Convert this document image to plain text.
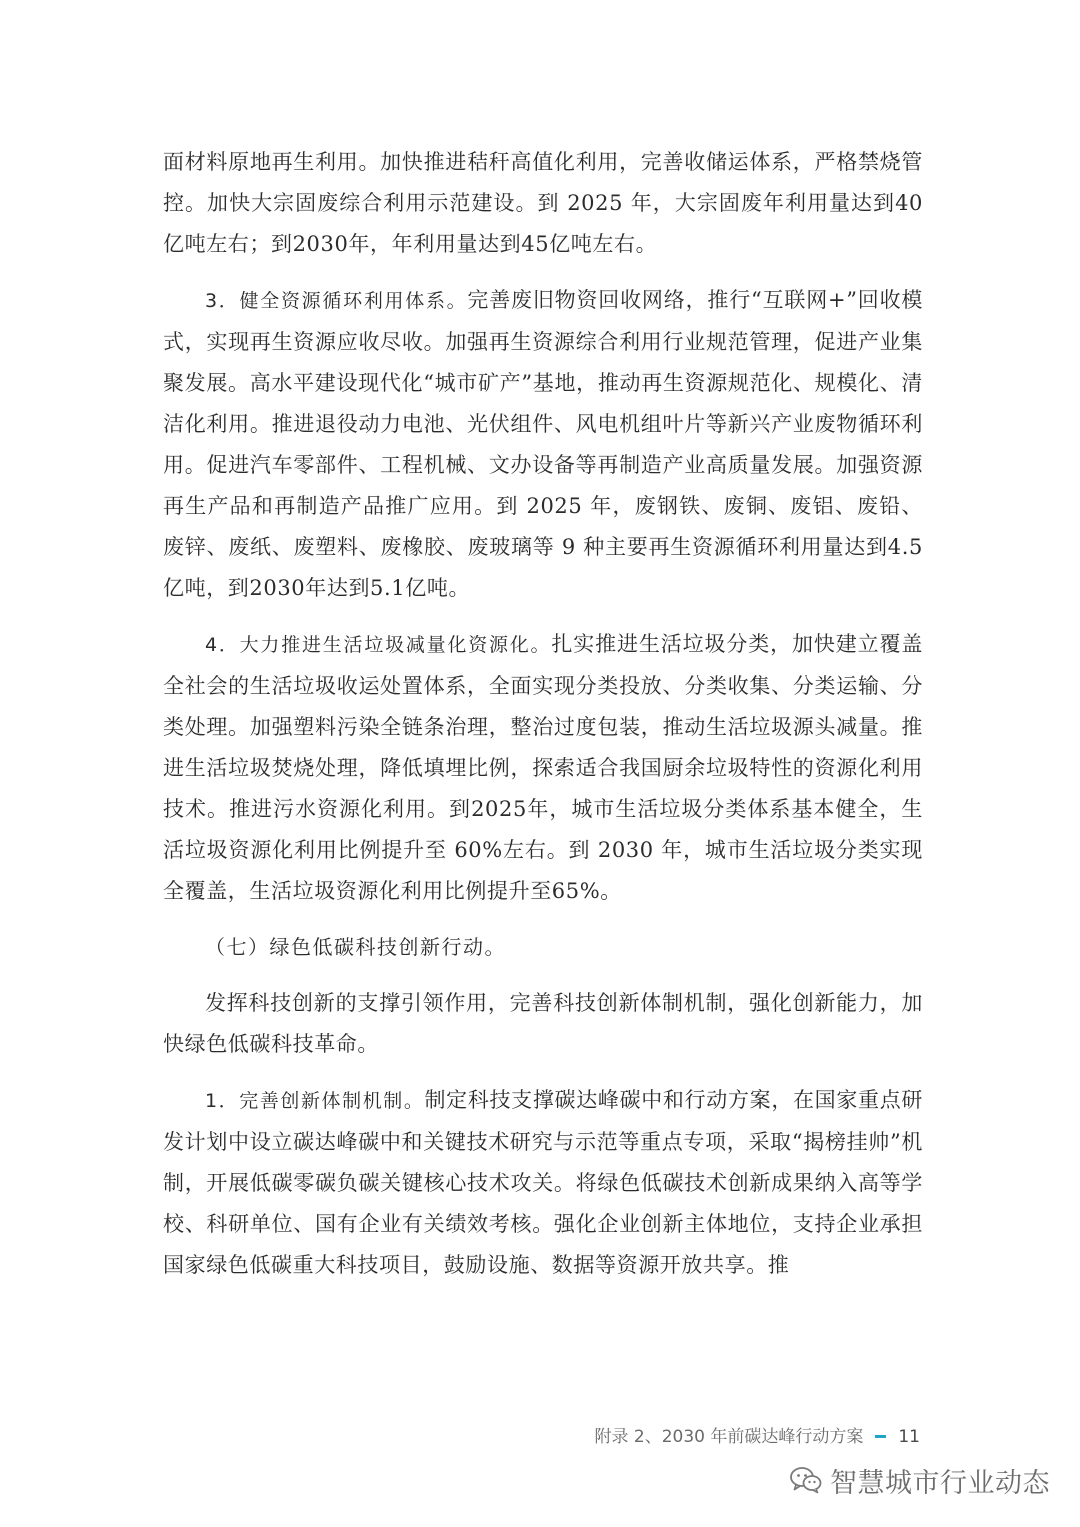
面材料原地再生利用。加快推进秸秆高值化利用，完善收储运体系，严格禁烧管控。加快大宗固废综合利用示范建设。到 2025 年，大宗固废年利用量达到40亿吨左右；到2030年，年利用量达到45亿吨左右。

3．健全资源循环利用体系。完善废旧物资回收网络，推行“互联网+”回收模式，实现再生资源应收尽收。加强再生资源综合利用行业规范管理，促进产业集聚发展。高水平建设现代化“城市矿产”基地，推动再生资源规范化、规模化、清洁化利用。推进退役动力电池、光伏组件、风电机组叶片等新兴产业废物循环利用。促进汽车零部件、工程机械、文办设备等再制造产业高质量发展。加强资源再生产品和再制造产品推广应用。到 2025 年，废钢铁、废铜、废铝、废铅、废锌、废纸、废塑料、废橡胶、废玻璃等 9 种主要再生资源循环利用量达到4.5亿吨，到2030年达到5.1亿吨。

4．大力推进生活垃圾减量化资源化。扎实推进生活垃圾分类，加快建立覆盖全社会的生活垃圾收运处置体系，全面实现分类投放、分类收集、分类运输、分类处理。加强塑料污染全链条治理，整治过度包装，推动生活垃圾源头减量。推进生活垃圾焚烧处理，降低填埋比例，探索适合我国厨余垃圾特性的资源化利用技术。推进污水资源化利用。到2025年，城市生活垃圾分类体系基本健全，生活垃圾资源化利用比例提升至 60%左右。到 2030 年，城市生活垃圾分类实现全覆盖，生活垃圾资源化利用比例提升至65%。

（七）绿色低碳科技创新行动。

发挥科技创新的支撑引领作用，完善科技创新体制机制，强化创新能力，加快绿色低碳科技革命。

1．完善创新体制机制。制定科技支撑碳达峰碳中和行动方案，在国家重点研发计划中设立碳达峰碳中和关键技术研究与示范等重点专项，采取“揭榜挂帅”机制，开展低碳零碳负碳关键核心技术攻关。将绿色低碳技术创新成果纳入高等学校、科研单位、国有企业有关绩效考核。强化企业创新主体地位，支持企业承担国家绿色低碳重大科技项目，鼓励设施、数据等资源开放共享。推

附录 2、2030 年前碳达峰行动方案 11
智慧城市行业动态
